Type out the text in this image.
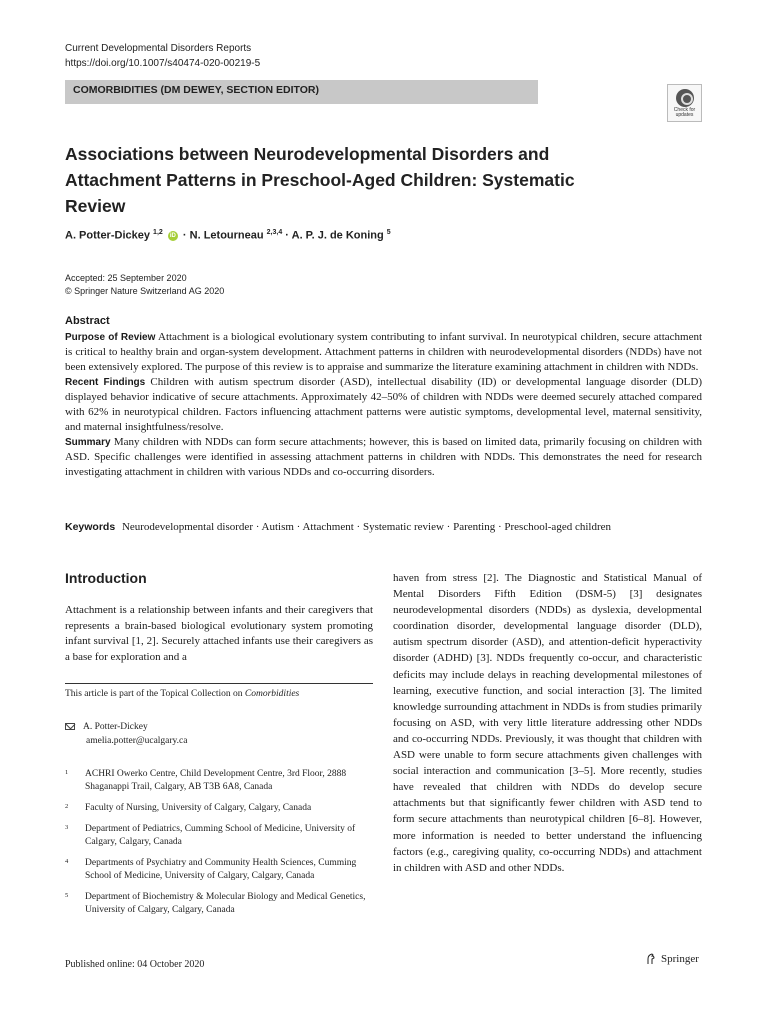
Current Developmental Disorders Reports
https://doi.org/10.1007/s40474-020-00219-5
COMORBIDITIES (DM DEWEY, SECTION EDITOR)
Check for
updates
Associations between Neurodevelopmental Disorders and Attachment Patterns in Preschool-Aged Children: Systematic Review
A. Potter-Dickey $^{1,2}$ iD · N. Letourneau $^{2,3,4}$ · A. P. J. de Koning $^5$
Accepted: 25 September 2020
© Springer Nature Switzerland AG 2020
Abstract

Purpose of Review Attachment is a biological evolutionary system contributing to infant survival. In neurotypical children, secure attachment is critical to healthy brain and organ-system development. Attachment patterns in children with neurodevelopmental disorders (NDDs) have not been extensively explored. The purpose of this review is to appraise and summarize the literature examining attachment in children with NDDs.

Recent Findings Children with autism spectrum disorder (ASD), intellectual disability (ID) or developmental language disorder (DLD) displayed behavior indicative of secure attachments. Approximately 42–50% of children with NDDs were deemed securely attached compared with 62% in neurotypical children. Factors influencing attachment patterns were autistic symptoms, developmental level, maternal sensitivity, and maternal insightfulness/resolve.

Summary Many children with NDDs can form secure attachments; however, this is based on limited data, primarily focusing on children with ASD. Specific challenges were identified in assessing attachment patterns in children with NDDs. This demonstrates the need for research investigating attachment in children with various NDDs and co-occurring disorders.

Keywords Neurodevelopmental disorder · Autism · Attachment · Systematic review · Parenting · Preschool-aged children
Introduction

Attachment is a relationship between infants and their caregivers that represents a brain-based biological evolutionary system promoting infant survival [1, 2]. Securely attached infants use their caregivers as a base for exploration and a

This article is part of the Topical Collection on Comorbidities
A. Potter-Dickey
amelia.potter@ucalgary.ca
1	ACHRI Owerko Centre, Child Development Centre, 3rd Floor, 2888 Shaganappi Trail, Calgary, AB T3B 6A8, Canada
2	Faculty of Nursing, University of Calgary, Calgary, Canada
3	Department of Pediatrics, Cumming School of Medicine, University of Calgary, Calgary, Canada
4	Departments of Psychiatry and Community Health Sciences, Cumming School of Medicine, University of Calgary, Calgary, Canada
5	Department of Biochemistry & Molecular Biology and Medical Genetics, University of Calgary, Calgary, Canada

haven from stress [2]. The Diagnostic and Statistical Manual of Mental Disorders Fifth Edition (DSM-5) [3] designates neurodevelopmental disorders (NDDs) as dyslexia, developmental coordination disorder, developmental language disorder (DLD), autism spectrum disorder (ASD), and attention-deficit hyperactivity disorder (ADHD) [3]. NDDs frequently co-occur, and characteristic deficits may include delays in reaching developmental milestones of learning, executive function, and social interaction [3]. The limited knowledge surrounding attachment in NDDs is from studies primarily focusing on ASD, with very little literature addressing other NDDs and co-occurring NDDs. Previously, it was thought that children with ASD were unable to form secure attachments given challenges with social interaction and communication [3–5]. More recently, studies have revealed that children with NDDs do develop secure attachments but that significantly fewer children with ASD tend to form secure attachments than neurotypical children [6–8]. However, more information is needed to better understand the influencing factors (e.g., caregiving quality, co-occurring NDDs) and attachment in children with ASD and other NDDs.

Published online: 04 October 2020	Springer
